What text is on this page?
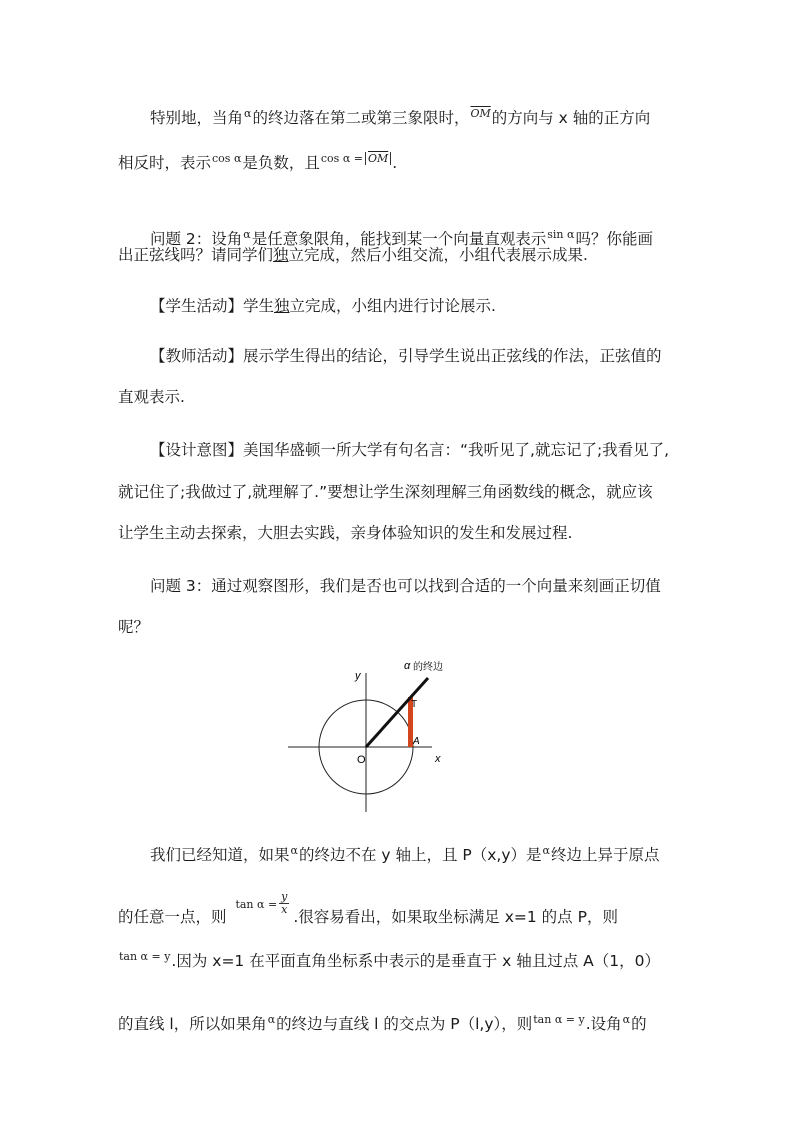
特别地，当角$^\alpha$的终边落在第二或第三象限时，$^{\overline{OM}}$的方向与 x 轴的正方向
相反时，表示$^{cos \alpha}$是负数，且$^{cos \alpha =}$ $^{\overline{OM}}$ .
问题 2：设角$^\alpha$是任意象限角，能找到某一个向量直观表示$^{sin \alpha}$吗？你能画
出正弦线吗？请同学们独立完成，然后小组交流，小组代表展示成果.
【学生活动】学生独立完成，小组内进行讨论展示.
【教师活动】展示学生得出的结论，引导学生说出正弦线的作法，正弦值的
直观表示.
【设计意图】美国华盛顿一所大学有句名言：“我听见了,就忘记了;我看见了,
就记住了;我做过了,就理解了.”要想让学生深刻理解三角函数线的概念，就应该
让学生主动去探索，大胆去实践，亲身体验知识的发生和发展过程.
问题 3：通过观察图形，我们是否也可以找到合适的一个向量来刻画正切值
呢？
α 的终边
y
x
O
T
A
我们已经知道，如果$^\alpha$的终边不在 y 轴上，且 P（x,y）是$^\alpha$终边上异于原点
的任意一点，则 $\tan \alpha = \frac{y}{x}$
.很容易看出，如果取坐标满足 x=1 的点 P，则
$^{tan \alpha = y}$.因为 x=1 在平面直角坐标系中表示的是垂直于 x 轴且过点 A（1，0）
的直线 l，所以如果角$^\alpha$的终边与直线 l 的交点为 P（l,y），则$^{tan \alpha = y}$.设角$^\alpha$的
